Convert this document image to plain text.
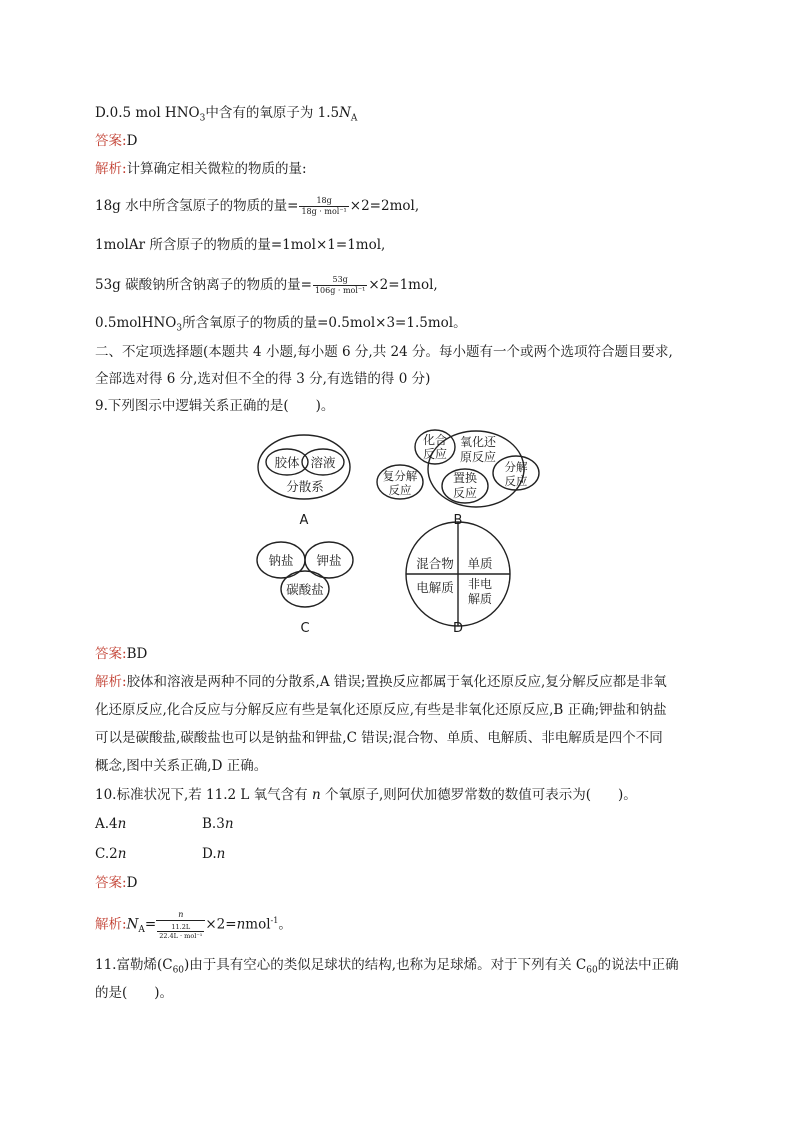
D.0.5 mol $HNO_3$中含有的氧原子为 $1.5N_A$
答案:D
解析:计算确定相关微粒的物质的量:
18g 水中所含氢原子的物质的量= $\frac{18g}{\text{18g · mol⁻¹}} \times 2=2mol$,
1molAr 所含原子的物质的量=1mol×1=1mol,
53g 碳酸钠所含钠离子的物质的量= $\frac{53g}{\text{106g · mol⁻¹}} \times 2=1mol$,
0.5molHNO$_3$所含氧原子的物质的量=0.5mol×3=1.5mol。
二、不定项选择题(本题共 4 小题,每小题 6 分,共 24 分。每小题有一个或两个选项符合题目要求,
全部选对得 6 分,选对但不全的得 3 分,有选错的得 0 分)
9.下列图示中逻辑关系正确的是(　　)。
胶体 溶液
分散系
A
化合
反应
氧化还
原反应
分解
反应
复分解
反应
置换
反应
B
钠盐 钾盐
碳酸盐
C
混合物 单质
电解质 非电
解质
D
答案:BD
解析:胶体和溶液是两种不同的分散系,A 错误;置换反应都属于氧化还原反应,复分解反应都是非氧
化还原反应,化合反应与分解反应有些是氧化还原反应,有些是非氧化还原反应,B 正确;钾盐和钠盐
可以是碳酸盐,碳酸盐也可以是钠盐和钾盐,C 错误;混合物、单质、电解质、非电解质是四个不同
概念,图中关系正确,D 正确。
10.标准状况下,若 11.2 L 氧气含有 n 个氧原子,则阿伏加德罗常数的数值可表示为(　　)。
A.4n	B.3n
C.2n	D.n
答案:D
解析$:N_A= \frac{n}{\frac{11.2L}{\text{22.4L · mol⁻¹}}}$ ×2=nmol$^{-1}$。
11.富勒烯$(C_{60})$由于具有空心的类似足球状的结构,也称为足球烯。对于下列有关 $C_{60}$的说法中正确
的是(　　)。
